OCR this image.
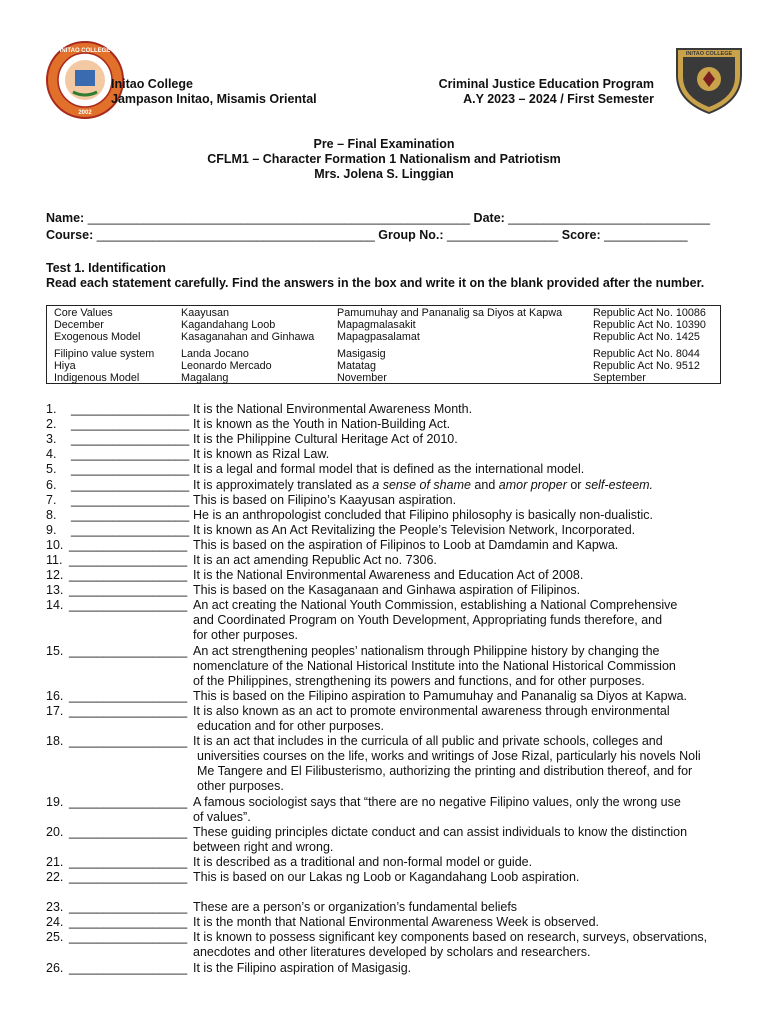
INITAO COLLEGE
2002
INITAO COLLEGE
Initao College
Jampason Initao, Misamis Oriental
Criminal Justice Education Program
A.Y 2023 – 2024 / First Semester
Pre – Final Examination
CFLM1 – Character Formation 1 Nationalism and Patriotism
Mrs. Jolena S. Linggian
Name: _______________________________________________________ Date: _____________________________
Course: ________________________________________ Group No.: ________________ Score: ____________
Test 1. Identification
Read each statement carefully. Find the answers in the box and write it on the blank provided after the number.
Core Values
December
Exogenous Model
Filipino value system
Hiya
Indigenous Model
Kaayusan
Kagandahang Loob
Kasaganahan and Ginhawa
Landa Jocano
Leonardo Mercado
Magalang
Pamumuhay and Pananalig sa Diyos at Kapwa
Mapagmalasakit
Mapagpasalamat
Masigasig
Matatag
November
Republic Act No. 10086
Republic Act No. 10390
Republic Act No. 1425
Republic Act No. 8044
Republic Act No. 9512
September
1. _________________ It is the National Environmental Awareness Month.
2. _________________ It is known as the Youth in Nation-Building Act.
3. _________________ It is the Philippine Cultural Heritage Act of 2010.
4. _________________ It is known as Rizal Law.
5. _________________ It is a legal and formal model that is defined as the international model.
6. _________________ It is approximately translated as a sense of shame and amor proper or self-esteem.
7. _________________ This is based on Filipino’s Kaayusan aspiration.
8. _________________ He is an anthropologist concluded that Filipino philosophy is basically non-dualistic.
9. _________________ It is known as An Act Revitalizing the People’s Television Network, Incorporated.
10. _________________ This is based on the aspiration of Filipinos to Loob at Damdamin and Kapwa.
11. _________________ It is an act amending Republic Act no. 7306.
12. _________________ It is the National Environmental Awareness and Education Act of 2008.
13. _________________ This is based on the Kasaganaan and Ginhawa aspiration of Filipinos.
14. _________________ An act creating the National Youth Commission, establishing a National Comprehensive
and Coordinated Program on Youth Development, Appropriating funds therefore, and
for other purposes.
15. _________________ An act strengthening peoples’ nationalism through Philippine history by changing the
nomenclature of the National Historical Institute into the National Historical Commission
of the Philippines, strengthening its powers and functions, and for other purposes.
16. _________________ This is based on the Filipino aspiration to Pamumuhay and Pananalig sa Diyos at Kapwa.
17. _________________ It is also known as an act to promote environmental awareness through environmental
education and for other purposes.
18. _________________ It is an act that includes in the curricula of all public and private schools, colleges and
universities courses on the life, works and writings of Jose Rizal, particularly his novels Noli
Me Tangere and El Filibusterismo, authorizing the printing and distribution thereof, and for
other purposes.
19. _________________ A famous sociologist says that “there are no negative Filipino values, only the wrong use
of values”.
20. _________________ These guiding principles dictate conduct and can assist individuals to know the distinction
between right and wrong.
21. _________________ It is described as a traditional and non-formal model or guide.
22. _________________ This is based on our Lakas ng Loob or Kagandahang Loob aspiration.
23. _________________ These are a person’s or organization’s fundamental beliefs
24. _________________ It is the month that National Environmental Awareness Week is observed.
25. _________________ It is known to possess significant key components based on research, surveys, observations,
anecdotes and other literatures developed by scholars and researchers.
26. _________________ It is the Filipino aspiration of Masigasig.
